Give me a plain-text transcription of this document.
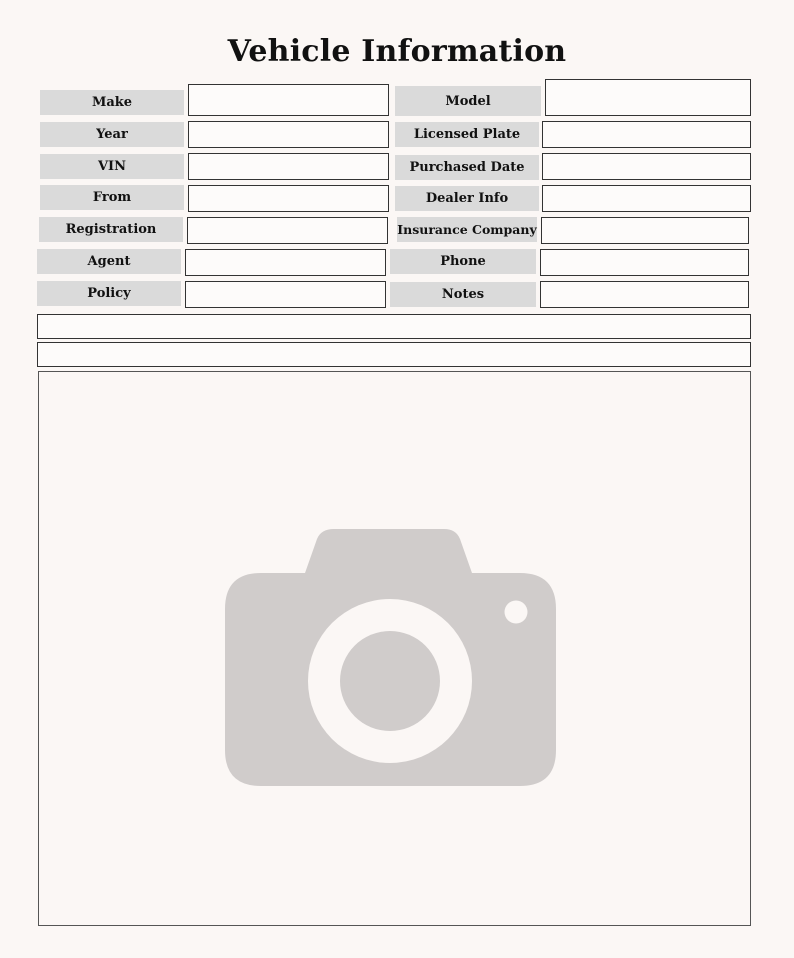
Vehicle Information
Make
Year
VIN
From
Registration
Agent
Policy
Model
Licensed Plate
Purchased Date
Dealer Info
Insurance Company
Phone
Notes
